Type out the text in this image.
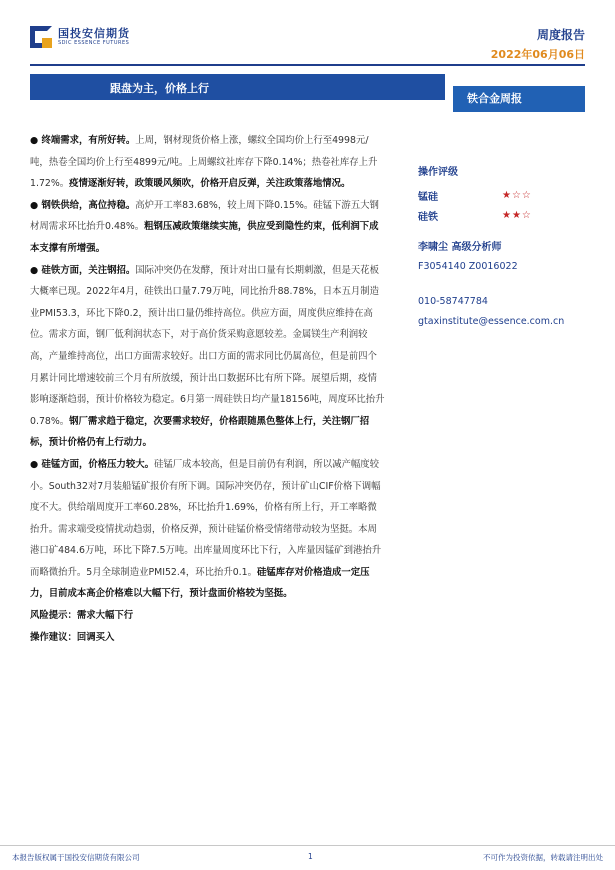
国投安信期货
SDIC ESSENCE FUTURES
周度报告
2022年06月06日
跟盘为主，价格上行
铁合金周报

● 终端需求，有所好转。上周，钢材现货价格上涨，螺纹全国均价上行至4998元/吨，热卷全国均价上行至4899元/吨。上周螺纹社库存下降0.14%；热卷社库存上升1.72%。疫情逐渐好转，政策暖风频吹，价格开启反弹，关注政策落地情况。

● 钢铁供给，高位持稳。高炉开工率83.68%，较上周下降0.15%。硅锰下游五大钢材周需求环比抬升0.48%。粗钢压减政策继续实施，供应受到隐性约束，低利润下成本支撑有所增强。

● 硅铁方面，关注钢招。国际冲突仍在发酵，预计对出口量有长期刺激，但是天花板大概率已现。2022年4月，硅铁出口量7.79万吨，同比抬升88.78%，日本五月制造业PMI53.3，环比下降0.2，预计出口量仍维持高位。供应方面，周度供应维持在高位。需求方面，钢厂低利润状态下，对于高价货采购意愿较差。金属镁生产利润较高，产量维持高位，出口方面需求较好。出口方面的需求同比仍属高位，但是前四个月累计同比增速较前三个月有所放缓，预计出口数据环比有所下降。展望后期，疫情影响逐渐趋弱，预计价格较为稳定。6月第一周硅铁日均产量18156吨，周度环比抬升0.78%。钢厂需求趋于稳定，次要需求较好，价格跟随黑色整体上行，关注钢厂招标，预计价格仍有上行动力。

● 硅锰方面，价格压力较大。硅锰厂成本较高，但是目前仍有利润，所以减产幅度较小。South32对7月装船锰矿报价有所下调。国际冲突仍存，预计矿山CIF价格下调幅度不大。供给端周度开工率60.28%，环比抬升1.69%，价格有所上行，开工率略微抬升。需求端受疫情扰动趋弱，价格反弹，预计硅锰价格受情绪带动较为坚挺。本周港口矿484.6万吨，环比下降7.5万吨。出库量周度环比下行，入库量因锰矿到港抬升而略微抬升。5月全球制造业PMI52.4，环比抬升0.1。硅锰库存对价格造成一定压力，目前成本高企价格难以大幅下行，预计盘面价格较为坚挺。

风险提示：需求大幅下行

操作建议：回调买入

操作评级
锰硅	★☆☆
硅铁	★★☆
李啸尘 高级分析师
F3054140 Z0016022
010-58747784
gtaxinstitute@essence.com.cn
本报告版权属于国投安信期货有限公司	1	不可作为投资依据，转载请注明出处
